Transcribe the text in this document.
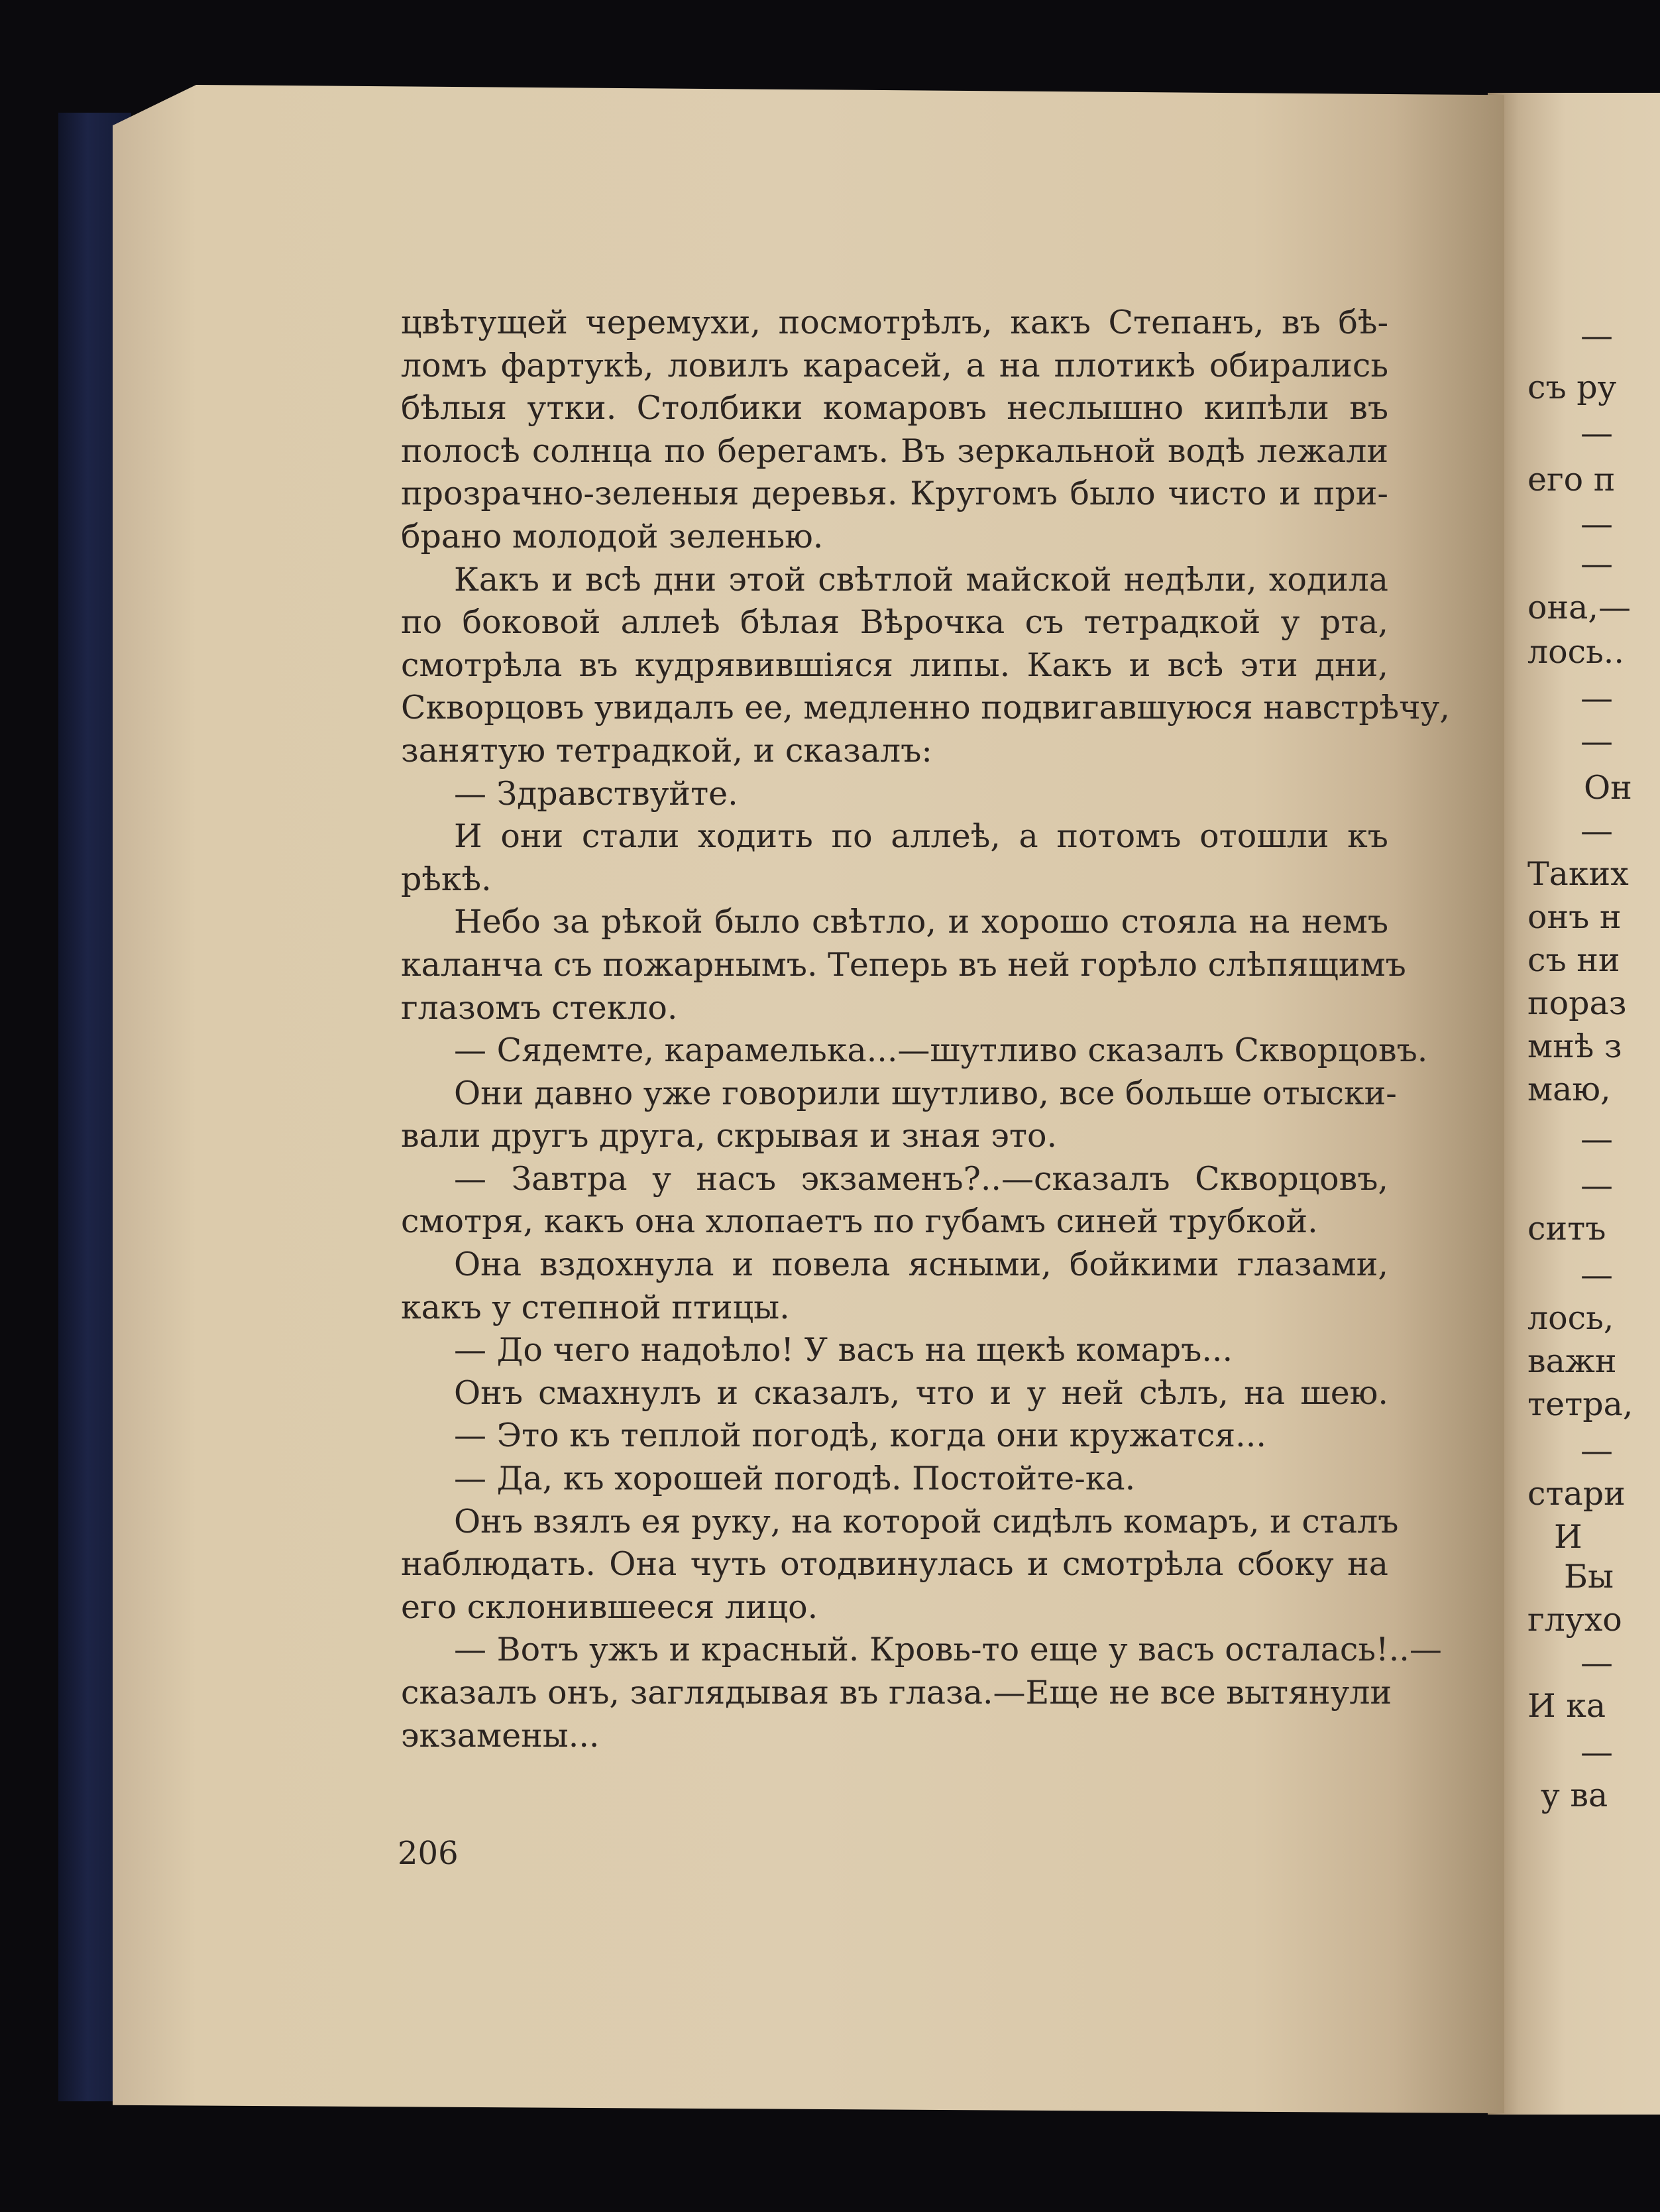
цвѣтущей черемухи, посмотрѣлъ, какъ Степанъ, въ бѣ-
ломъ фартукѣ, ловилъ карасей, а на плотикѣ обирались
бѣлыя утки. Столбики комаровъ неслышно кипѣли въ
полосѣ солнца по берегамъ. Въ зеркальной водѣ лежали
прозрачно-зеленыя деревья. Кругомъ было чисто и при-
брано молодой зеленью.
Какъ и всѣ дни этой свѣтлой майской недѣли, ходила
по боковой аллеѣ бѣлая Вѣрочка съ тетрадкой у рта,
смотрѣла въ кудрявившіяся липы. Какъ и всѣ эти дни,
Скворцовъ увидалъ ее, медленно подвигавшуюся навстрѣчу,
занятую тетрадкой, и сказалъ:
— Здравствуйте.
И они стали ходить по аллеѣ, а потомъ отошли къ
рѣкѣ.
Небо за рѣкой было свѣтло, и хорошо стояла на немъ
каланча съ пожарнымъ. Теперь въ ней горѣло слѣпящимъ
глазомъ стекло.
— Сядемте, карамелька...—шутливо сказалъ Скворцовъ.
Они давно уже говорили шутливо, все больше отыски-
вали другъ друга, скрывая и зная это.
— Завтра у насъ экзаменъ?..—сказалъ Скворцовъ,
смотря, какъ она хлопаетъ по губамъ синей трубкой.
Она вздохнула и повела ясными, бойкими глазами,
какъ у степной птицы.
— До чего надоѣло! У васъ на щекѣ комаръ...
Онъ смахнулъ и сказалъ, что и у ней сѣлъ, на шею.
— Это къ теплой погодѣ, когда они кружатся...
— Да, къ хорошей погодѣ. Постойте-ка.
Онъ взялъ ея руку, на которой сидѣлъ комаръ, и сталъ
наблюдать. Она чуть отодвинулась и смотрѣла сбоку на
его склонившееся лицо.
— Вотъ ужъ и красный. Кровь-то еще у васъ осталась!..—
сказалъ онъ, заглядывая въ глаза.—Еще не все вытянули
экзамены...
206
—
съ ру
—
его п
—
—
она,—
лось..
—
—
Он
—
Таких
онъ н
съ ни
пораз
мнѣ з
маю,
—
—
ситъ
—
лось,
важн
тетра,
—
стари
И
Бы
глухо
—
И ка
—
у ва
